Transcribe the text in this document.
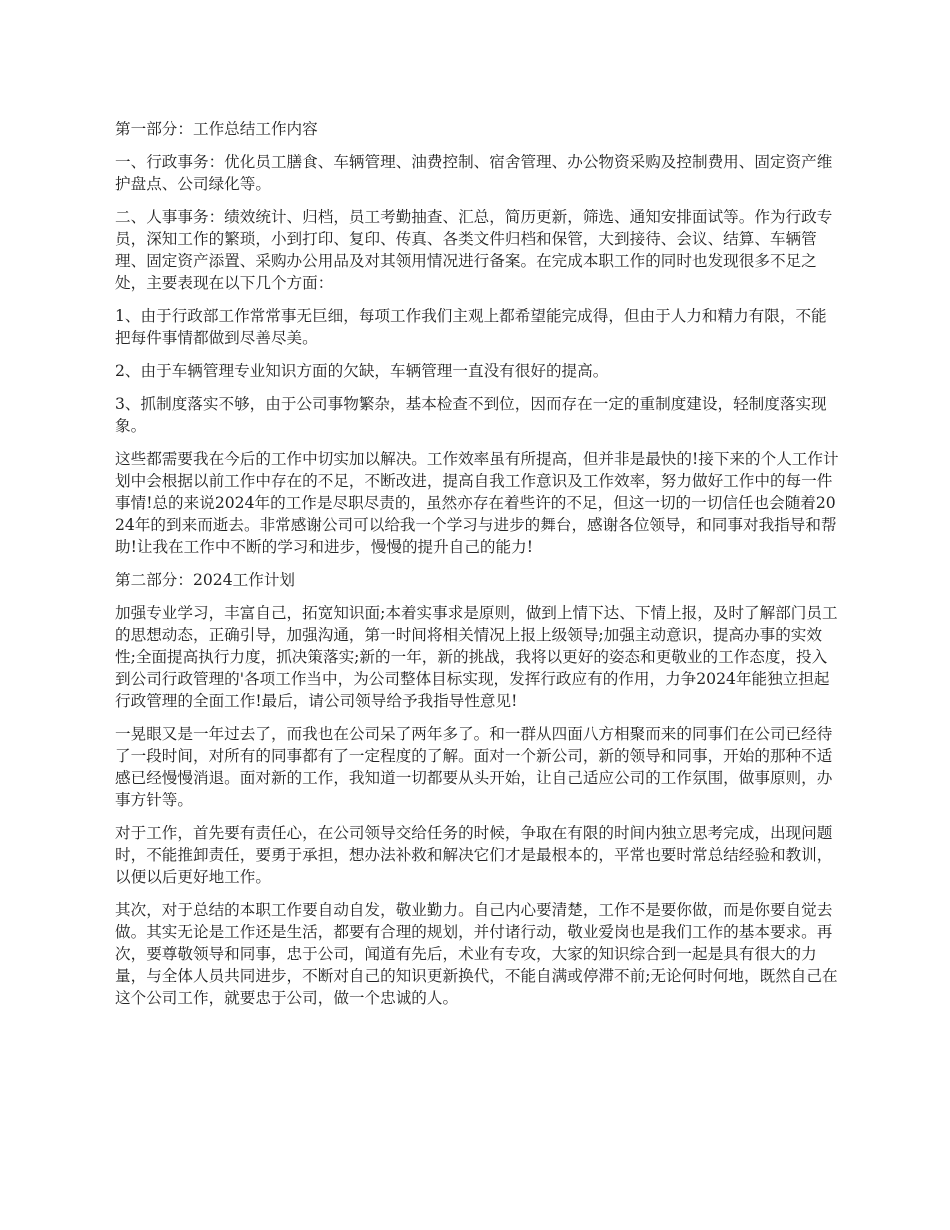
第一部分：工作总结工作内容

一、行政事务：优化员工膳食、车辆管理、油费控制、宿舍管理、办公物资采购及控制费用、固定资产维护盘点、公司绿化等。

二、人事事务：绩效统计、归档，员工考勤抽查、汇总，简历更新，筛选、通知安排面试等。作为行政专员，深知工作的繁琐，小到打印、复印、传真、各类文件归档和保管，大到接待、会议、结算、车辆管理、固定资产添置、采购办公用品及对其领用情况进行备案。在完成本职工作的同时也发现很多不足之处，主要表现在以下几个方面：

1、由于行政部工作常常事无巨细，每项工作我们主观上都希望能完成得，但由于人力和精力有限，不能把每件事情都做到尽善尽美。

2、由于车辆管理专业知识方面的欠缺，车辆管理一直没有很好的提高。

3、抓制度落实不够，由于公司事物繁杂，基本检查不到位，因而存在一定的重制度建设，轻制度落实现象。

这些都需要我在今后的工作中切实加以解决。工作效率虽有所提高，但并非是最快的!接下来的个人工作计划中会根据以前工作中存在的不足，不断改进，提高自我工作意识及工作效率，努力做好工作中的每一件事情!总的来说2024年的工作是尽职尽责的，虽然亦存在着些许的不足，但这一切的一切信任也会随着2024年的到来而逝去。非常感谢公司可以给我一个学习与进步的舞台，感谢各位领导，和同事对我指导和帮助!让我在工作中不断的学习和进步，慢慢的提升自己的能力!

第二部分：2024工作计划

加强专业学习，丰富自己，拓宽知识面;本着实事求是原则，做到上情下达、下情上报，及时了解部门员工的思想动态，正确引导，加强沟通，第一时间将相关情况上报上级领导;加强主动意识，提高办事的实效性;全面提高执行力度，抓决策落实;新的一年，新的挑战，我将以更好的姿态和更敬业的工作态度，投入到公司行政管理的'各项工作当中，为公司整体目标实现，发挥行政应有的作用，力争2024年能独立担起行政管理的全面工作!最后，请公司领导给予我指导性意见!

一晃眼又是一年过去了，而我也在公司呆了两年多了。和一群从四面八方相聚而来的同事们在公司已经待了一段时间，对所有的同事都有了一定程度的了解。面对一个新公司，新的领导和同事，开始的那种不适感已经慢慢消退。面对新的工作，我知道一切都要从头开始，让自己适应公司的工作氛围，做事原则，办事方针等。

对于工作，首先要有责任心，在公司领导交给任务的时候，争取在有限的时间内独立思考完成，出现问题时，不能推卸责任，要勇于承担，想办法补救和解决它们才是最根本的，平常也要时常总结经验和教训，以便以后更好地工作。

其次，对于总结的本职工作要自动自发，敬业勤力。自己内心要清楚，工作不是要你做，而是你要自觉去做。其实无论是工作还是生活，都要有合理的规划，并付诸行动，敬业爱岗也是我们工作的基本要求。再次，要尊敬领导和同事，忠于公司，闻道有先后，术业有专攻，大家的知识综合到一起是具有很大的力量，与全体人员共同进步，不断对自己的知识更新换代，不能自满或停滞不前;无论何时何地，既然自己在这个公司工作，就要忠于公司，做一个忠诚的人。
